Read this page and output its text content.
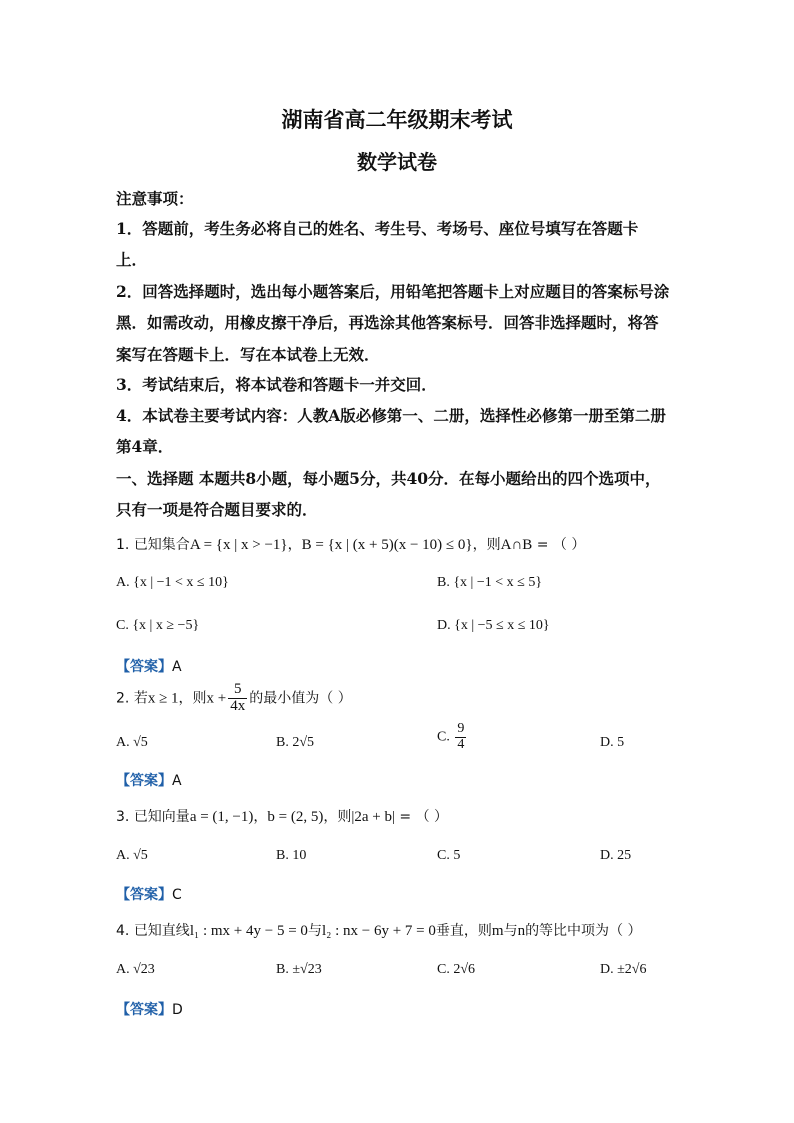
湖南省高二年级期末考试
数学试卷
注意事项：
1．答题前，考生务必将自己的姓名、考生号、考场号、座位号填写在答题卡
上．
2．回答选择题时，选出每小题答案后，用铅笔把答题卡上对应题目的答案标号涂
黑．如需改动，用橡皮擦干净后，再选涂其他答案标号．回答非选择题时，将答
案写在答题卡上．写在本试卷上无效．
3．考试结束后，将本试卷和答题卡一并交回．
4．本试卷主要考试内容：人教A版必修第一、二册，选择性必修第一册至第二册
第4章．
一、选择题 本题共8小题，每小题5分，共40分．在每小题给出的四个选项中，
只有一项是符合题目要求的．
1. 已知集合A = {x | x > −1}，B = {x | (x + 5)(x − 10) ≤ 0}，则A∩B = （ ）
A. {x | −1 < x ≤ 10}	B. {x | −1 < x ≤ 5}
C. {x | x ≥ −5}	D. {x | −5 ≤ x ≤ 10}
【答案】A
2. 若x ≥ 1，则$x + \frac{5}{4x}$ 的最小值为（ ）
A. √5	B. 2√5	C. $\frac{9}{4}$	D. 5
【答案】A
3. 已知向量a = (1, −1)，b = (2, 5)，则|2a + b| = （ ）
A. √5	B. 10	C. 5	D. 25
【答案】C
4. 已知直线l₁ : mx + 4y − 5 = 0与l₂ : nx − 6y + 7 = 0垂直，则m与n的等比中项为（ ）
A. √23	B. ±√23	C. 2√6	D. ±2√6
【答案】D
